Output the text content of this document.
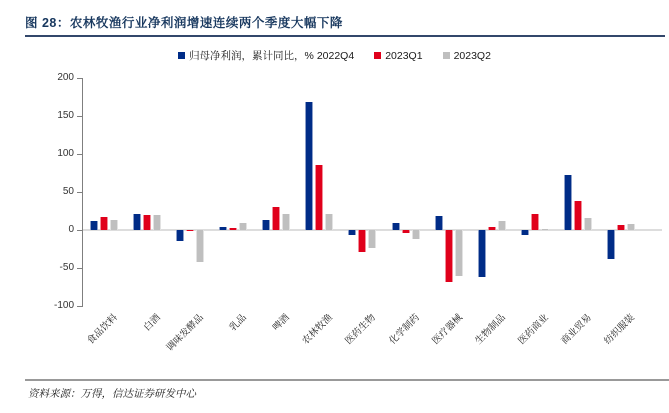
图 28：农林牧渔行业净利润增速连续两个季度大幅下降
归母净利润，累计同比，% 2022Q4	2023Q1	2023Q2
200
150
100
50
0
-50
-100
食品饮料	白酒 调味发酵品	乳品	啤酒 农林牧渔 医药生物 化学制药 医疗器械 生物制品 医药商业 商业贸易 纺织服装
资料来源：万得，信达证券研发中心
